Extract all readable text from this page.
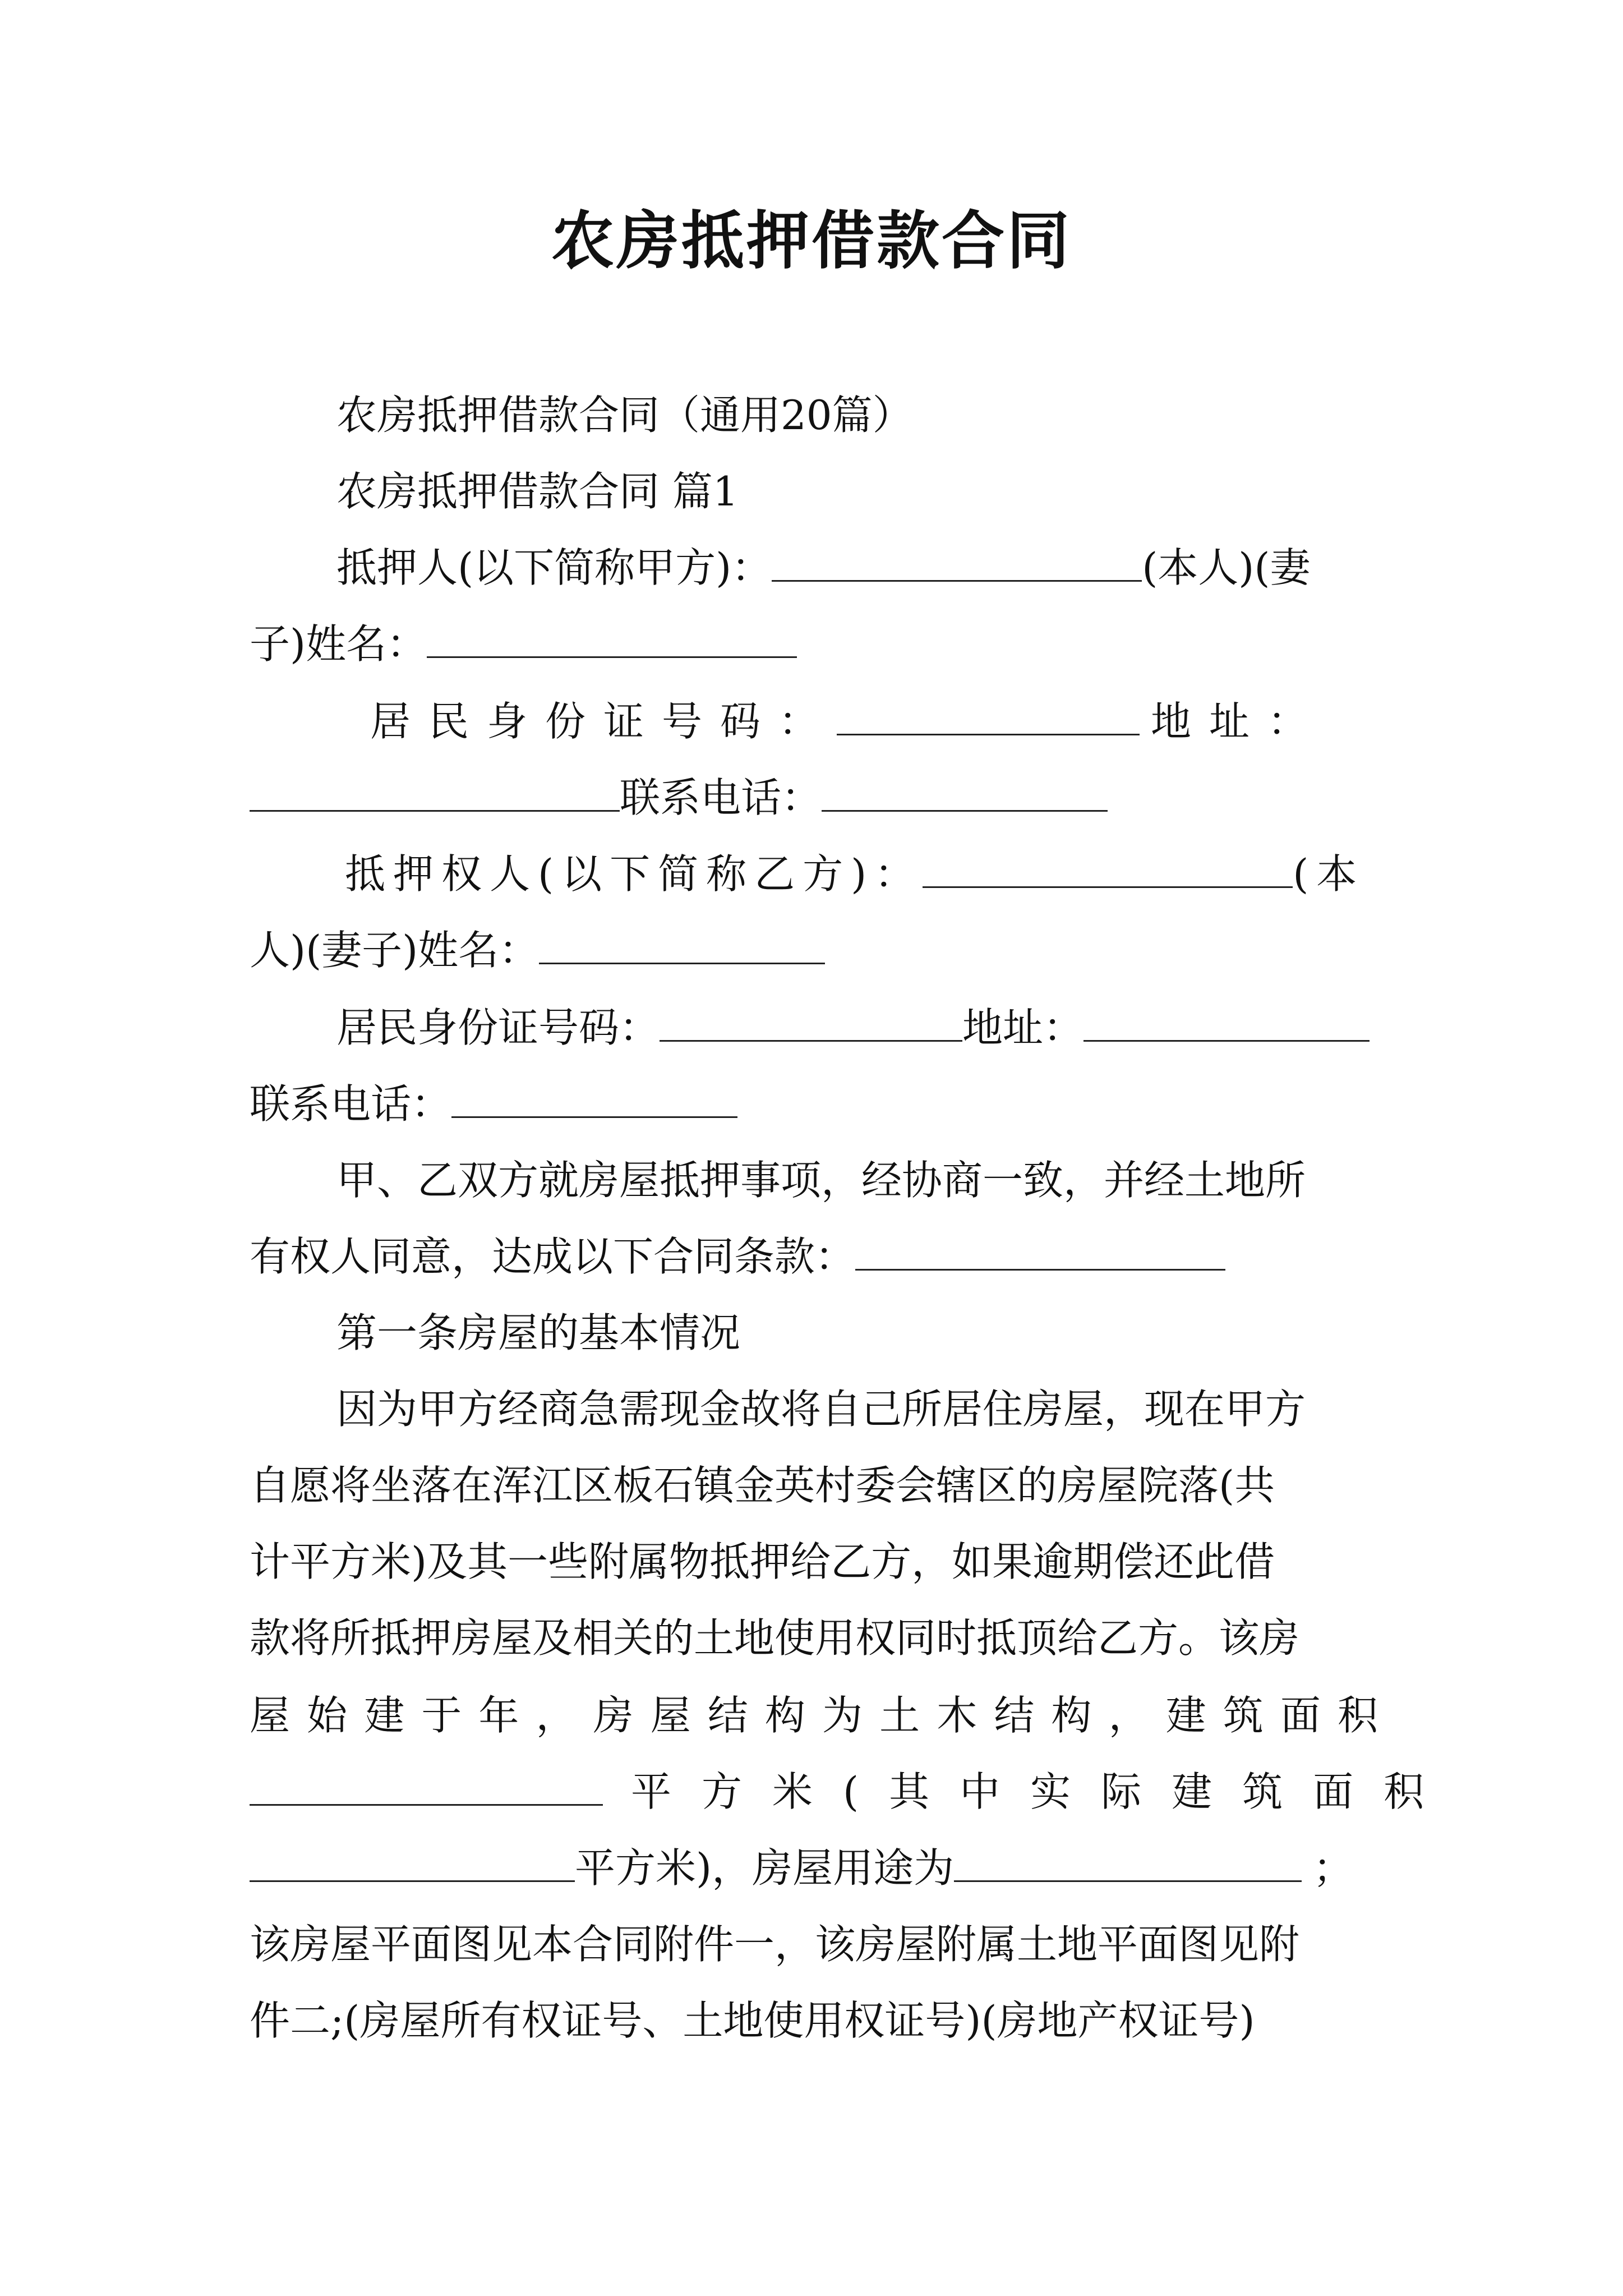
农房抵押借款合同
农房抵押借款合同（通用20篇）
农房抵押借款合同 篇1
抵押人(以下简称甲方)：	(本人)(妻
子)姓名：
居民身份证号码：	地址：
联系电话：
抵押权人(以下简称乙方)：	(本
人)(妻子)姓名：
居民身份证号码：	地址：
联系电话：
甲、乙双方就房屋抵押事项，经协商一致，并经土地所
有权人同意，达成以下合同条款：
第一条房屋的基本情况
因为甲方经商急需现金故将自己所居住房屋，现在甲方
自愿将坐落在浑江区板石镇金英村委会辖区的房屋院落(共
计平方米)及其一些附属物抵押给乙方，如果逾期偿还此借
款将所抵押房屋及相关的土地使用权同时抵顶给乙方。该房
屋始建于年，房屋结构为土木结构，建筑面积
平方米(其中实际建筑面积
平方米)，房屋用途为	；
该房屋平面图见本合同附件一，该房屋附属土地平面图见附
件二;(房屋所有权证号、土地使用权证号)(房地产权证号)
